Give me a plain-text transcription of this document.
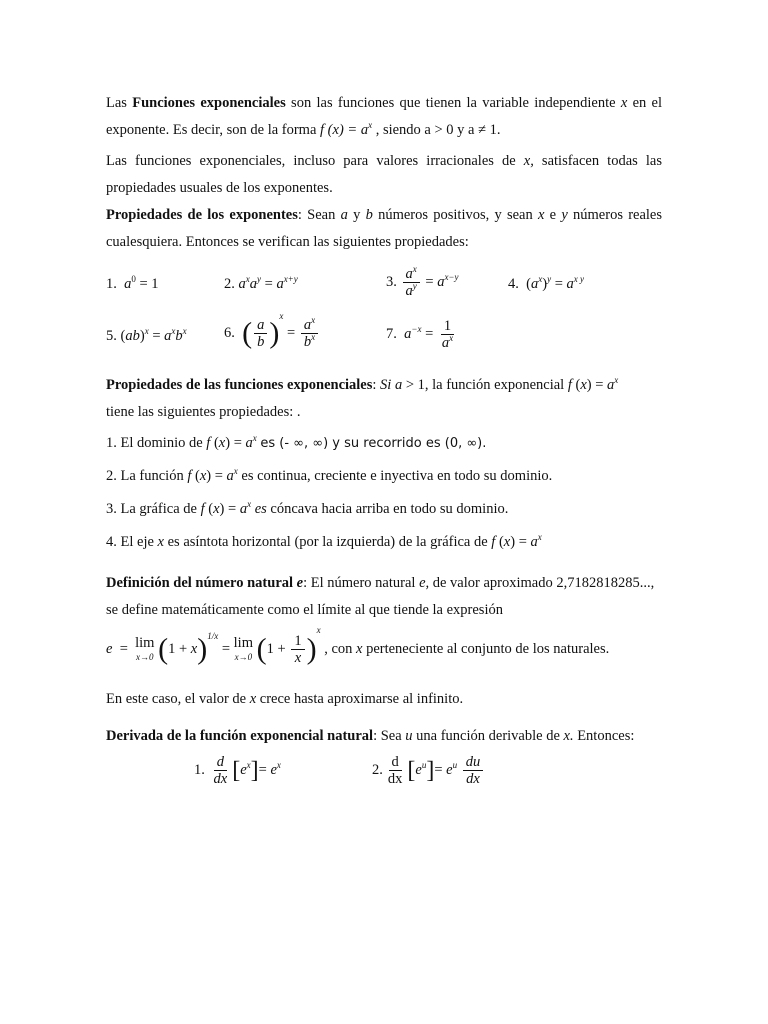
Las Funciones exponenciales son las funciones que tienen la variable independiente x en el exponente. Es decir, son de la forma f $(x) = a^x$ , siendo a > 0 y a ≠ 1.

Las funciones exponenciales, incluso para valores irracionales de x, satisfacen todas las propiedades usuales de los exponentes.

Propiedades de los exponentes: Sean a y b números positivos, y sean x e y números reales cualesquiera. Entonces se verifican las siguientes propiedades:

1. $a^0 = 1$	2. $a^xa^y = a^{x+y}$	3. $\frac{a^x}{a^y} = a^{x-y}$	4.  $(a^x)^y = a^{x y}$
5. $(ab)^x = a^xb^x$	6. ( $\frac{a}{b} )^x = \frac{a^x}{b^x}$	7. $a^{-x} = \frac{1}{a^x}$

Propiedades de las funciones exponenciales: Si a > 1, la función exponencial f $(x) = a^x$

tiene las siguientes propiedades: .

1. El dominio de f $(x) = a^x$ es (- ∞, ∞) y su recorrido es (0, ∞).

2. La función f $(x) = a^x$ es continua, creciente e inyectiva en todo su dominio.

3. La gráfica de f $(x) = a^x$ es cóncava hacia arriba en todo su dominio.

4. El eje x es asíntota horizontal (por la izquierda) de la gráfica de f $(x) = a^x$

Definición del número natural e: El número natural e, de valor aproximado 2,7182818285..., se define matemáticamente como el límite al que tiende la expresión

e  = lim
x→0 $(1 + x)^{1/x} = \lim$
x→0 $(1 + \frac{1}{x} )^x$ , con x perteneciente al conjunto de los naturales.

En este caso, el valor de x crece hasta aproximarse al infinito.

Derivada de la función exponencial natural: Sea u una función derivable de x. Entonces:

1. $\frac{d}{dx} [e^x]= e^x$	2. $\frac{d}{dx} [e^u]= e^u \frac{du}{dx}$
